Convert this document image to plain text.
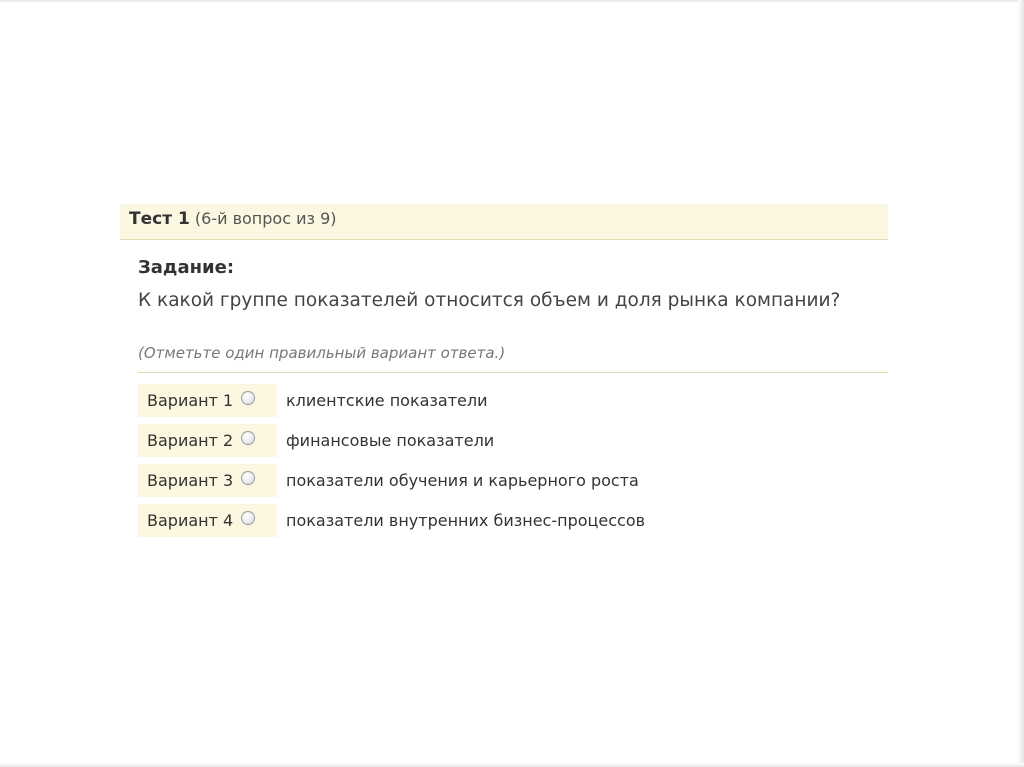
Тест 1 (6-й вопрос из 9)
Задание:
К какой группе показателей относится объем и доля рынка компании?
(Отметьте один правильный вариант ответа.)
Вариант 1	клиентские показатели
Вариант 2	финансовые показатели
Вариант 3	показатели обучения и карьерного роста
Вариант 4	показатели внутренних бизнес-процессов
